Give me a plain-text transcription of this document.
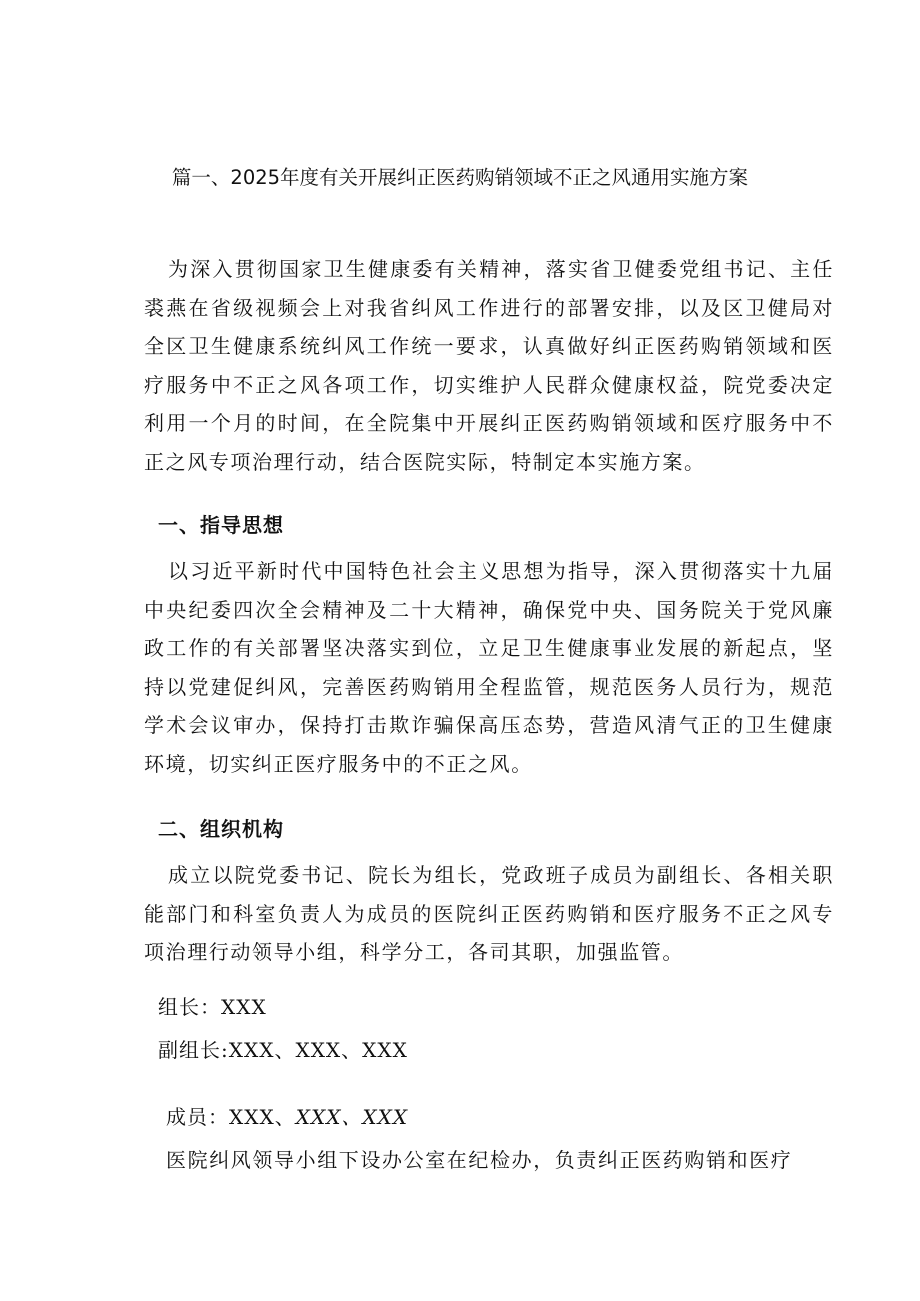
篇一、2025年度有关开展纠正医药购销领域不正之风通用实施方案

为深入贯彻国家卫生健康委有关精神，落实省卫健委党组书记、主任裘燕在省级视频会上对我省纠风工作进行的部署安排，以及区卫健局对全区卫生健康系统纠风工作统一要求，认真做好纠正医药购销领域和医疗服务中不正之风各项工作，切实维护人民群众健康权益，院党委决定利用一个月的时间，在全院集中开展纠正医药购销领域和医疗服务中不正之风专项治理行动，结合医院实际，特制定本实施方案。

一、指导思想

以习近平新时代中国特色社会主义思想为指导，深入贯彻落实十九届中央纪委四次全会精神及二十大精神，确保党中央、国务院关于党风廉政工作的有关部署坚决落实到位，立足卫生健康事业发展的新起点，坚持以党建促纠风，完善医药购销用全程监管，规范医务人员行为，规范学术会议审办，保持打击欺诈骗保高压态势，营造风清气正的卫生健康环境，切实纠正医疗服务中的不正之风。

二、组织机构

成立以院党委书记、院长为组长，党政班子成员为副组长、各相关职能部门和科室负责人为成员的医院纠正医药购销和医疗服务不正之风专项治理行动领导小组，科学分工，各司其职，加强监管。

组长：XXX

副组长:XXX、XXX、XXX

成员：XXX、XXX、XXX

医院纠风领导小组下设办公室在纪检办，负责纠正医药购销和医疗
